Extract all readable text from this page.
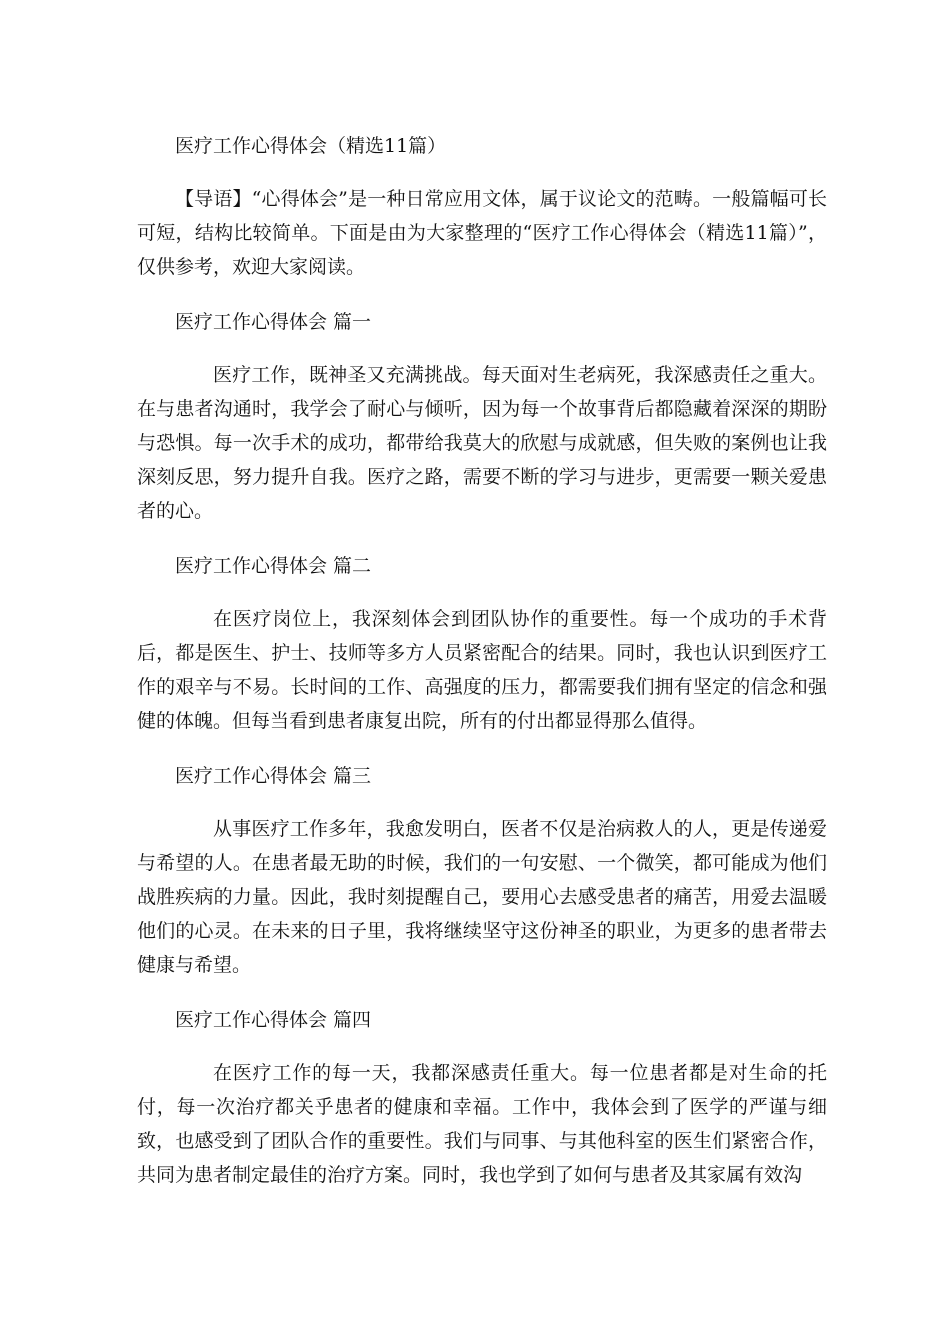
医疗工作心得体会（精选11篇）

【导语】“心得体会”是一种日常应用文体，属于议论文的范畴。一般篇幅可长可短，结构比较简单。下面是由为大家整理的“医疗工作心得体会（精选11篇）”，仅供参考，欢迎大家阅读。

医疗工作心得体会 篇一

医疗工作，既神圣又充满挑战。每天面对生老病死，我深感责任之重大。在与患者沟通时，我学会了耐心与倾听，因为每一个故事背后都隐藏着深深的期盼与恐惧。每一次手术的成功，都带给我莫大的欣慰与成就感，但失败的案例也让我深刻反思，努力提升自我。医疗之路，需要不断的学习与进步，更需要一颗关爱患者的心。

医疗工作心得体会 篇二

在医疗岗位上，我深刻体会到团队协作的重要性。每一个成功的手术背后，都是医生、护士、技师等多方人员紧密配合的结果。同时，我也认识到医疗工作的艰辛与不易。长时间的工作、高强度的压力，都需要我们拥有坚定的信念和强健的体魄。但每当看到患者康复出院，所有的付出都显得那么值得。

医疗工作心得体会 篇三

从事医疗工作多年，我愈发明白，医者不仅是治病救人的人，更是传递爱与希望的人。在患者最无助的时候，我们的一句安慰、一个微笑，都可能成为他们战胜疾病的力量。因此，我时刻提醒自己，要用心去感受患者的痛苦，用爱去温暖他们的心灵。在未来的日子里，我将继续坚守这份神圣的职业，为更多的患者带去健康与希望。

医疗工作心得体会 篇四

在医疗工作的每一天，我都深感责任重大。每一位患者都是对生命的托付，每一次治疗都关乎患者的健康和幸福。工作中，我体会到了医学的严谨与细致，也感受到了团队合作的重要性。我们与同事、与其他科室的医生们紧密合作，共同为患者制定最佳的治疗方案。同时，我也学到了如何与患者及其家属有效沟
